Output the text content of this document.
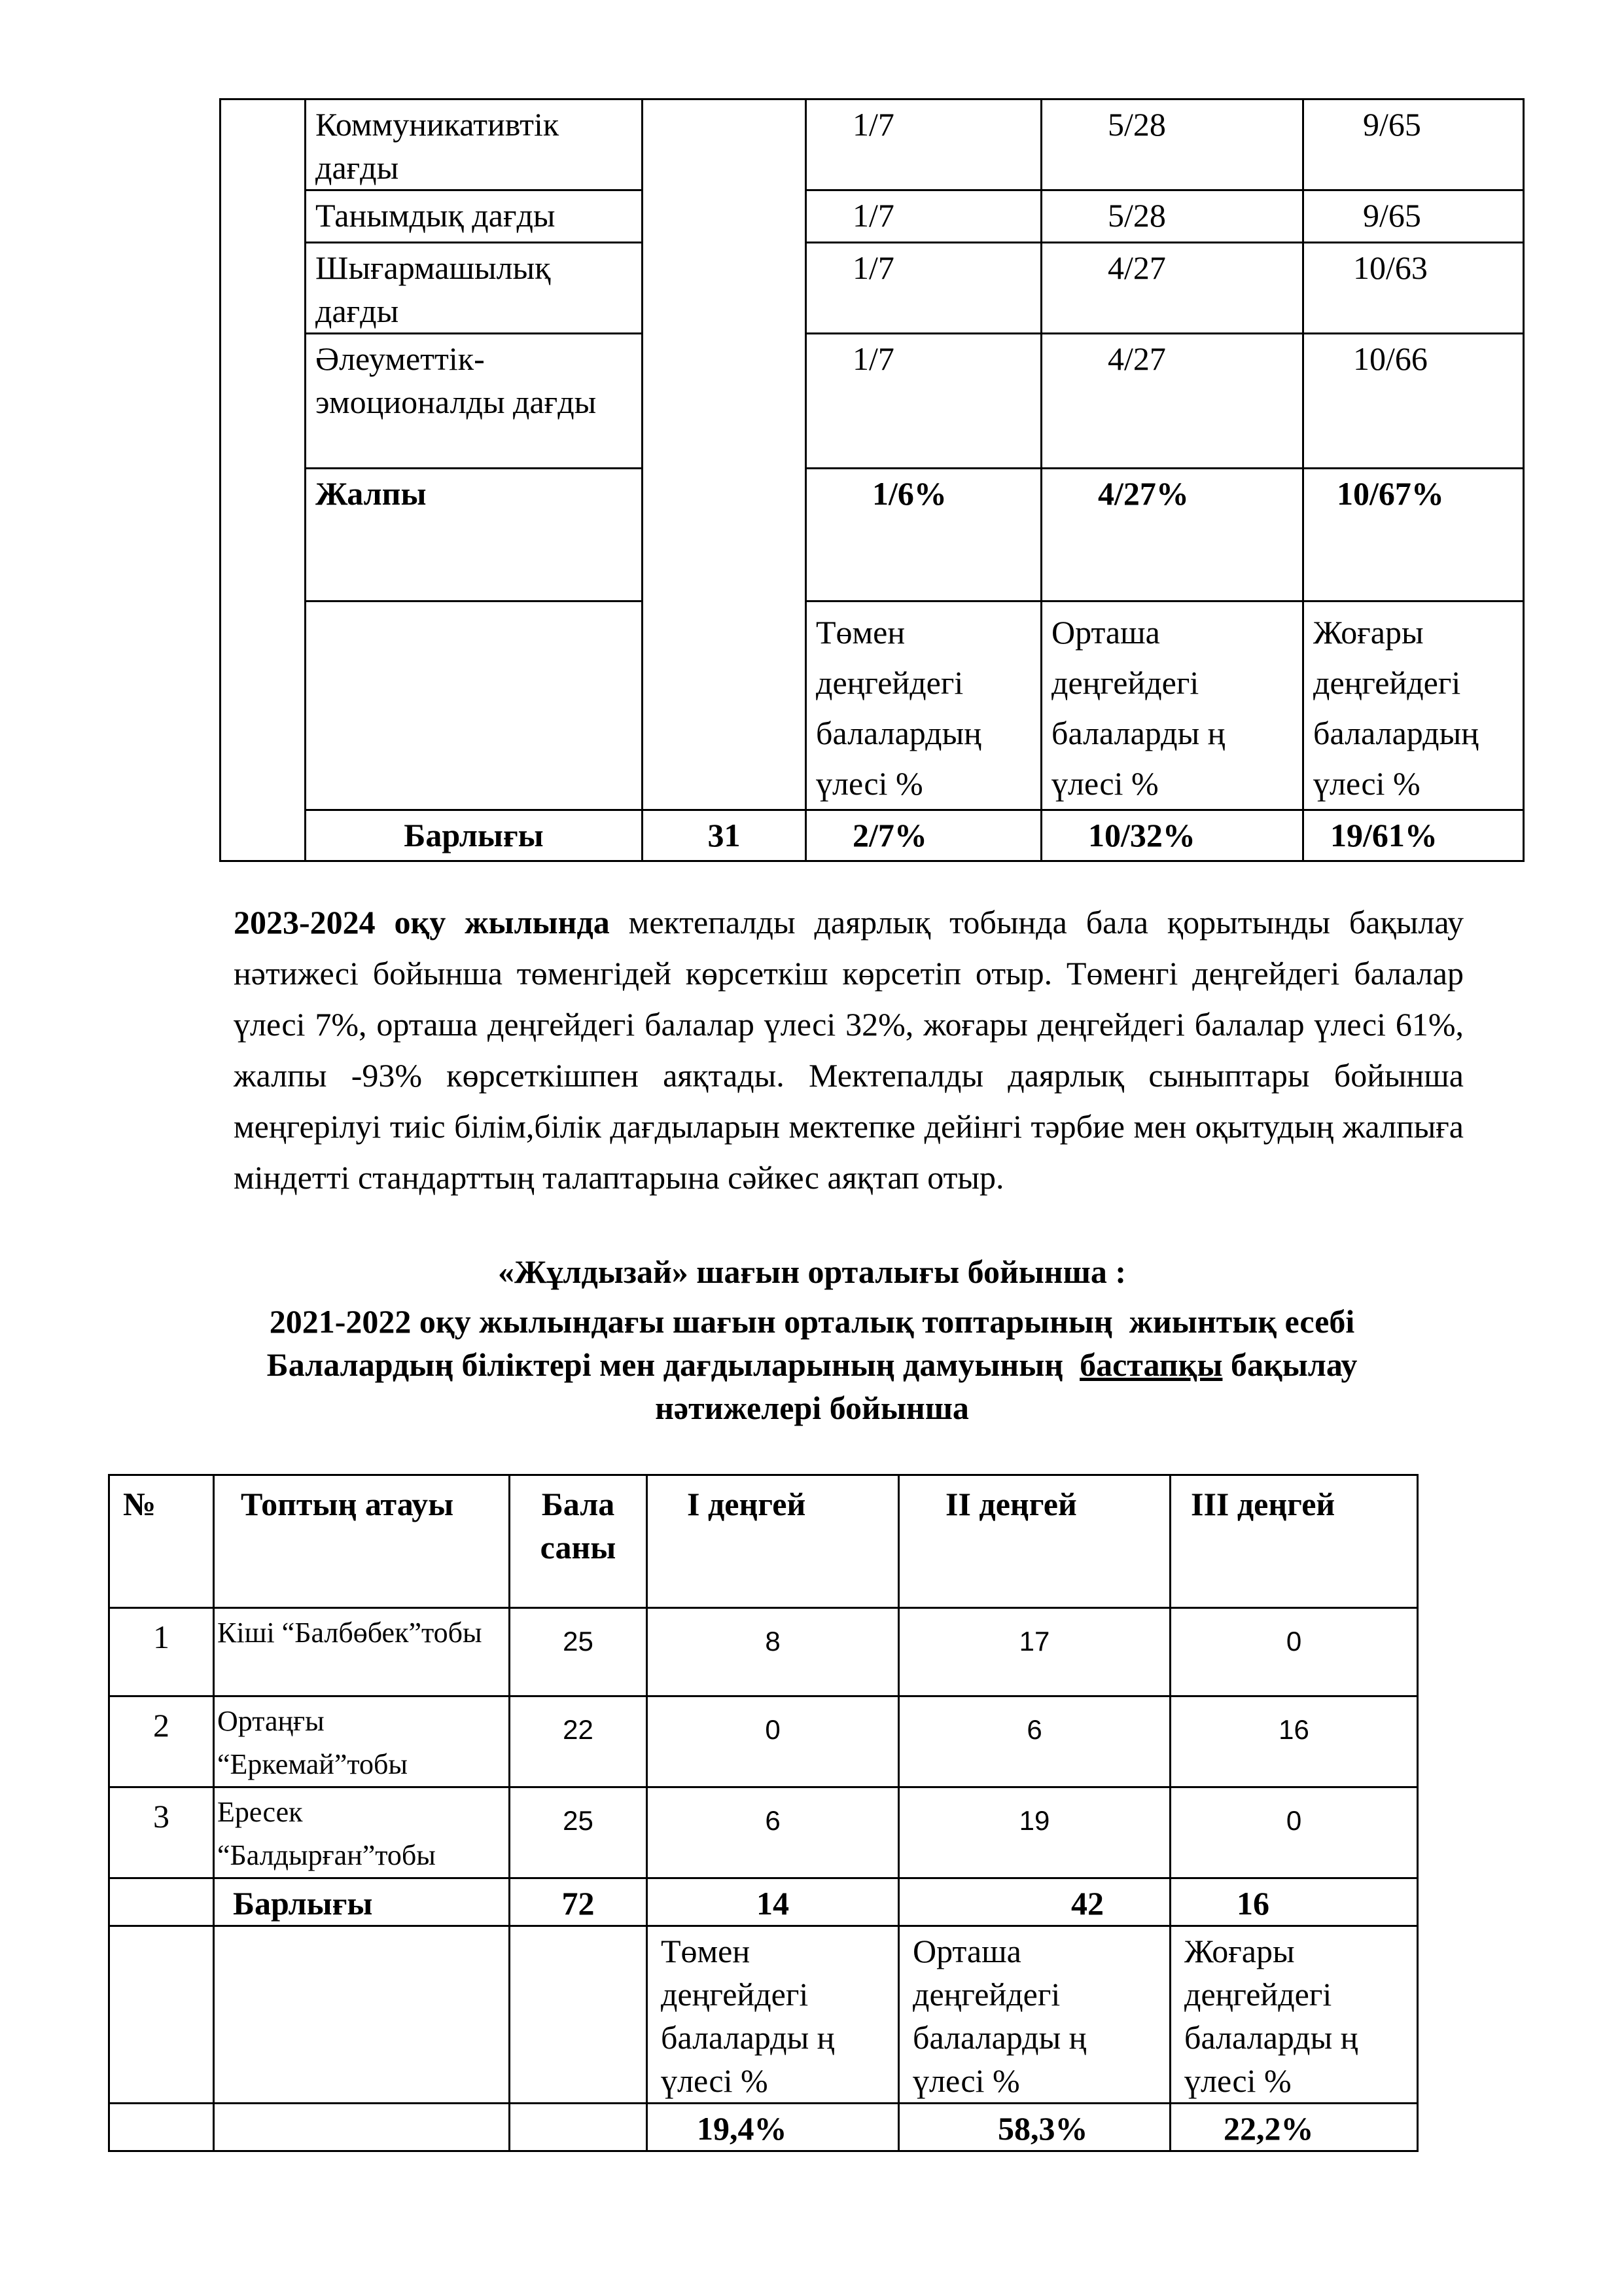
	Коммуникативтік дағды		1/7	5/28	9/65
	Танымдық дағды		1/7	5/28	9/65
	Шығармашылық дағды		1/7	4/27	10/63
	Әлеуметтік-эмоционалды дағды		1/7	4/27	10/66
	Жалпы		1/6%	4/27%	10/67%
			Төмен деңгейдегі балалардың үлесі %	Орташа деңгейдегі балаларды ң үлесі %	Жоғары деңгейдегі балалардың үлесі %
	Барлығы	31	2/7%	10/32%	19/61%

2023-2024 оқу жылында мектепалды даярлық тобында бала қорытынды бақылау нәтижесі бойынша төменгідей көрсеткіш көрсетіп отыр. Төменгі деңгейдегі балалар үлесі 7%, орташа деңгейдегі балалар үлесі 32%, жоғары деңгейдегі балалар үлесі 61%, жалпы -93% көрсеткішпен аяқтады. Мектепалды даярлық сыныптары бойынша меңгерілуі тиіс білім,білік дағдыларын мектепке дейінгі тәрбие мен оқытудың жалпыға міндетті стандарттың талаптарына сәйкес аяқтап отыр.

«Жұлдызай» шағын орталығы бойынша :

2021-2022 оқу жылындағы шағын орталық топтарының  жиынтық есебі

Балалардың біліктері мен дағдыларының дамуының  бастапқы бақылау

нәтижелері бойынша

№	Топтың атауы	Бала саны	І деңгей	ІІ деңгей	ІІІ деңгей
1	Кіші “Балбөбек”тобы	25	8	17	0
2	Ортаңғы “Еркемай”тобы	22	0	6	16
3	Ересек “Балдырған”тобы	25	6	19	0
	Барлығы	72	14	42	16
			Төмен деңгейдегі балаларды ң үлесі %	Орташа деңгейдегі балаларды ң үлесі %	Жоғары деңгейдегі балаларды ң үлесі %
			19,4%	58,3%	22,2%
